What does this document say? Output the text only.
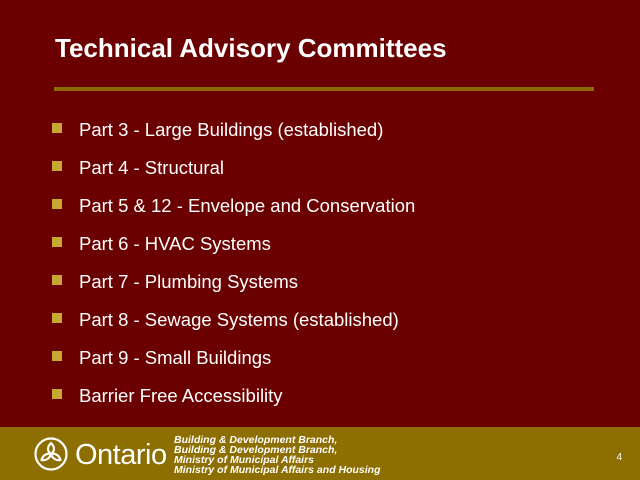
Technical Advisory Committees
Part 3 - Large Buildings (established)
Part 4 - Structural
Part 5 & 12 - Envelope and Conservation
Part 6 - HVAC Systems
Part 7 - Plumbing Systems
Part 8 - Sewage Systems (established)
Part 9 - Small Buildings
Barrier Free Accessibility
Ontario Building & Development Branch,
Building & Development Branch,
Ministry of Municipal Affairs
Ministry of Municipal Affairs and Housing
4
